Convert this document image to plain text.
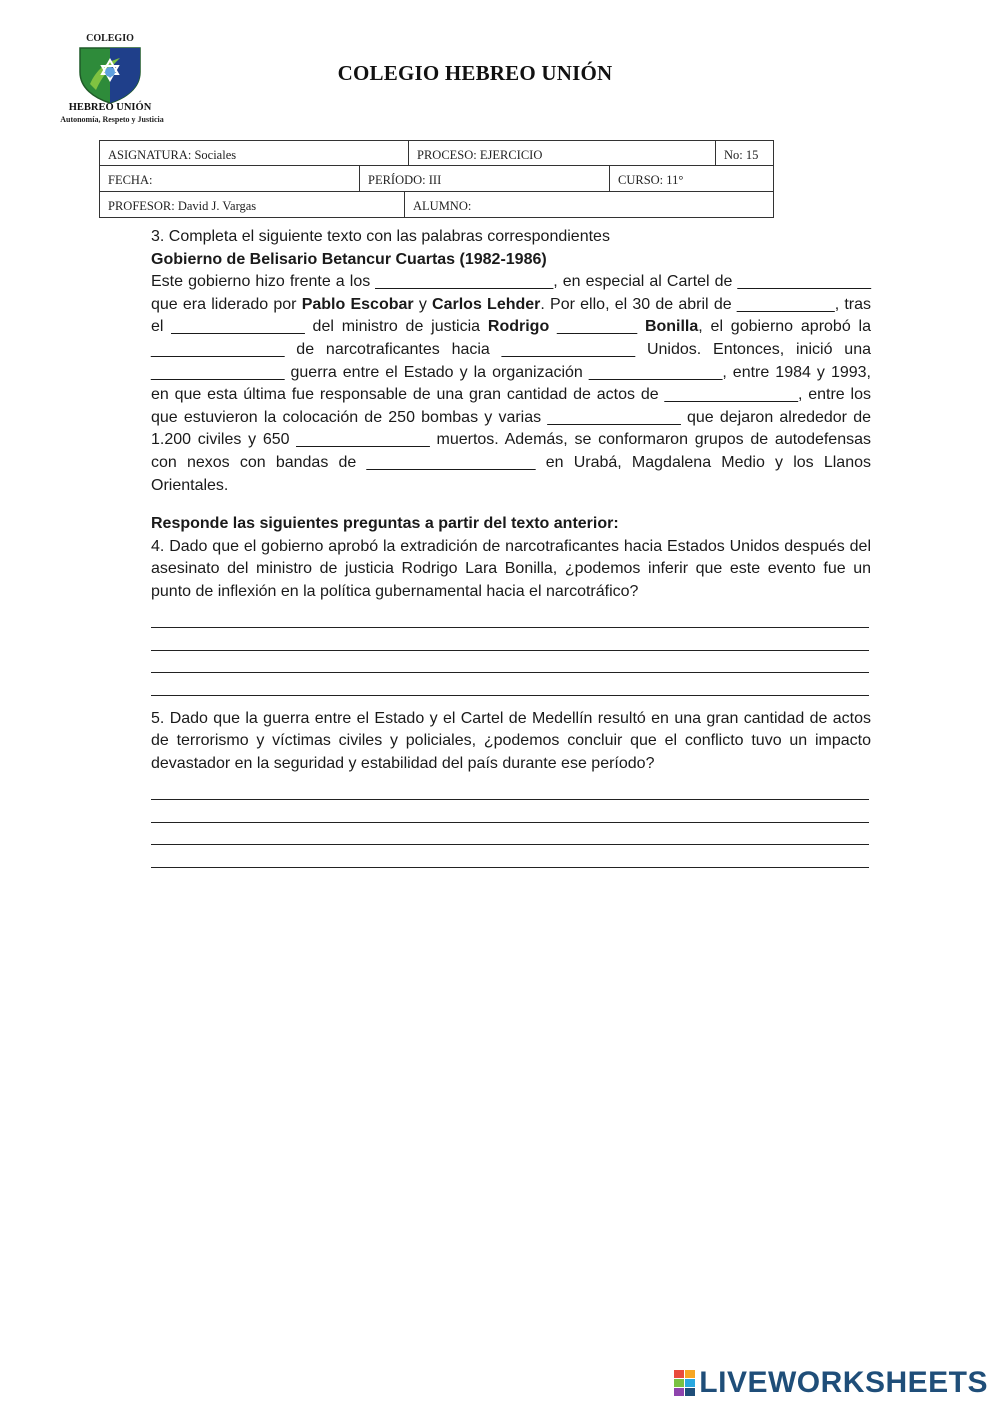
COLEGIO
HEBREO UNIÓN
Autonomía, Respeto y Justicia
COLEGIO HEBREO UNIÓN
ASIGNATURA: Sociales	PROCESO: EJERCICIO	No: 15
FECHA:	PERÍODO: III	CURSO: 11°
PROFESOR: David J. Vargas	ALUMNO:

3. Completa el siguiente texto con las palabras correspondientes

Gobierno de Belisario Betancur Cuartas (1982-1986)

Este gobierno hizo frente a los ____________________, en especial al Cartel de _______________ que era liderado por Pablo Escobar y Carlos Lehder. Por ello, el 30 de abril de ___________, tras el _______________ del ministro de justicia Rodrigo _________ Bonilla, el gobierno aprobó la _______________ de narcotraficantes hacia _______________ Unidos. Entonces, inició una _______________ guerra entre el Estado y la organización _______________, entre 1984 y 1993, en que esta última fue responsable de una gran cantidad de actos de _______________, entre los que estuvieron la colocación de 250 bombas y varias _______________ que dejaron alrededor de 1.200 civiles y 650 _______________ muertos. Además, se conformaron grupos de autodefensas con nexos con bandas de ___________________ en Urabá, Magdalena Medio y los Llanos Orientales.

Responde las siguientes preguntas a partir del texto anterior:

4. Dado que el gobierno aprobó la extradición de narcotraficantes hacia Estados Unidos después del asesinato del ministro de justicia Rodrigo Lara Bonilla, ¿podemos inferir que este evento fue un punto de inflexión en la política gubernamental hacia el narcotráfico?

5. Dado que la guerra entre el Estado y el Cartel de Medellín resultó en una gran cantidad de actos de terrorismo y víctimas civiles y policiales, ¿podemos concluir que el conflicto tuvo un impacto devastador en la seguridad y estabilidad del país durante ese período?

LIVEWORKSHEETS
